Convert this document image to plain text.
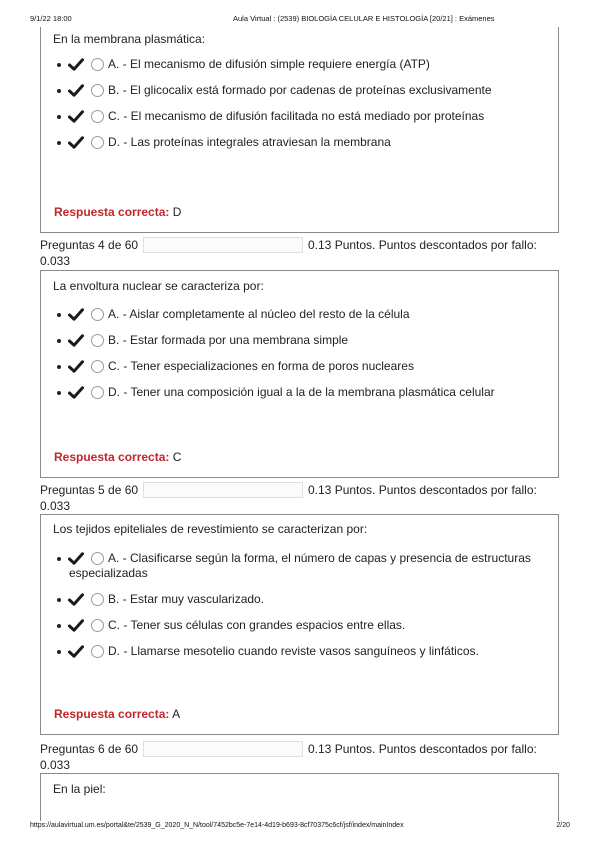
9/1/22 18:00	Aula Virtual : (2539) BIOLOGÍA CELULAR E HISTOLOGÍA [20/21] : Exámenes
En la membrana plasmática:
A. - El mecanismo de difusión simple requiere energía (ATP)
B. - El glicocalix está formado por cadenas de proteínas exclusivamente
C. - El mecanismo de difusión facilitada no está mediado por proteínas
D. - Las proteínas integrales atraviesan la membrana
Respuesta correcta: D
Preguntas 4 de 60	0.13 Puntos. Puntos descontados por fallo:
0.033
La envoltura nuclear se caracteriza por:
A. - Aislar completamente al núcleo del resto de la célula
B. - Estar formada por una membrana simple
C. - Tener especializaciones en forma de poros nucleares
D. - Tener una composición igual a la de la membrana plasmática celular
Respuesta correcta: C
Preguntas 5 de 60	0.13 Puntos. Puntos descontados por fallo:
0.033
Los tejidos epiteliales de revestimiento se caracterizan por:
A. - Clasificarse según la forma, el número de capas y presencia de estructuras especializadas
B. - Estar muy vascularizado.
C. - Tener sus células con grandes espacios entre ellas.
D. - Llamarse mesotelio cuando reviste vasos sanguíneos y linfáticos.
Respuesta correcta: A
Preguntas 6 de 60	0.13 Puntos. Puntos descontados por fallo:
0.033
En la piel:
https://aulavirtual.um.es/portal&te/2539_G_2020_N_N/tool/7452bc5e-7e14-4d19-b693-8cf70375c6cf/jsf/index/mainIndex	2/20
